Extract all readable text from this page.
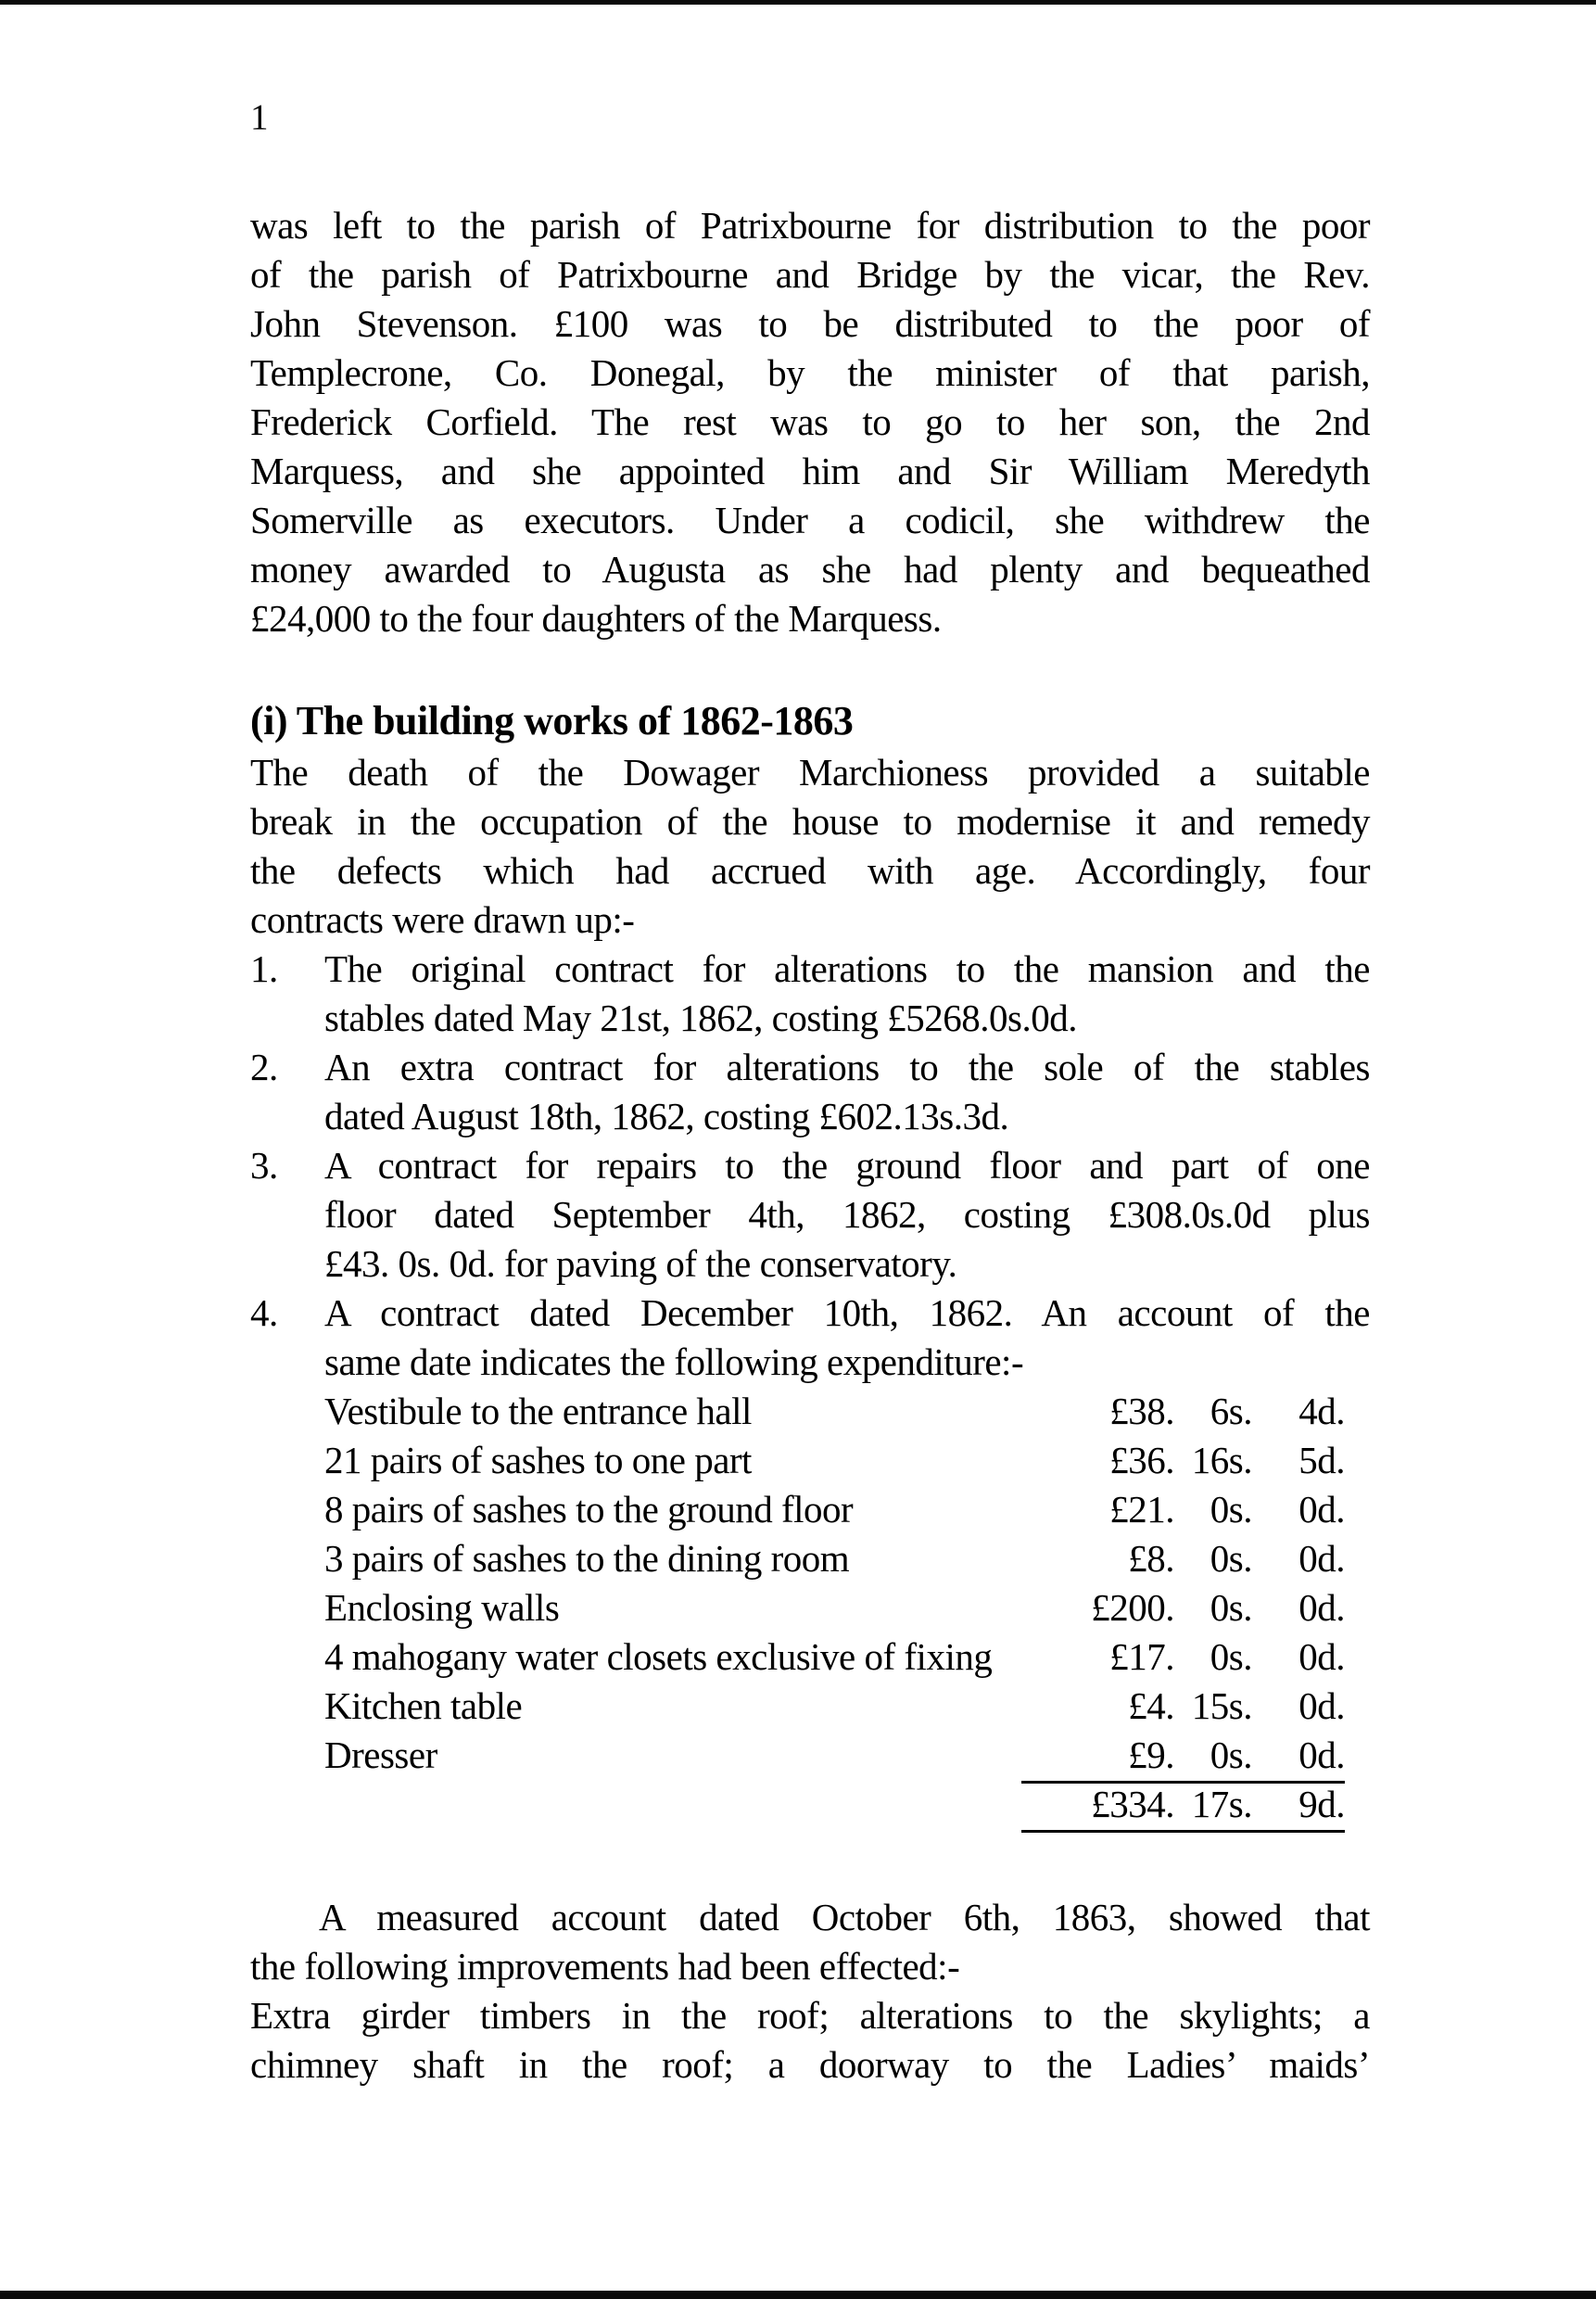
1
was left to the parish of Patrixbourne for distribution to the poor
of the parish of Patrixbourne and Bridge by the vicar, the Rev.
John Stevenson. £100 was to be distributed to the poor of
Templecrone, Co. Donegal, by the minister of that parish,
Frederick Corfield. The rest was to go to her son, the 2nd
Marquess, and she appointed him and Sir William Meredyth
Somerville as executors. Under a codicil, she withdrew the
money awarded to Augusta as she had plenty and bequeathed
£24,000 to the four daughters of the Marquess.
(i) The building works of 1862-1863
The death of the Dowager Marchioness provided a suitable
break in the occupation of the house to modernise it and remedy
the defects which had accrued with age. Accordingly, four
contracts were drawn up:-
1.	The original contract for alterations to the mansion and the
stables dated May 21st, 1862, costing £5268.0s.0d.
2.	An extra contract for alterations to the sole of the stables
dated August 18th, 1862, costing £602.13s.3d.
3.	A contract for repairs to the ground floor and part of one
floor dated September 4th, 1862, costing £308.0s.0d plus
£43. 0s. 0d. for paving of the conservatory.
4.	A contract dated December 10th, 1862. An account of the
same date indicates the following expenditure:-
Vestibule to the entrance hall	£38. 6s.	4d.
21 pairs of sashes to one part	£36. 16s.	5d.
8 pairs of sashes to the ground floor	£21. 0s.	0d.
3 pairs of sashes to the dining room	£8. 0s.	0d.
Enclosing walls	£200. 0s.	0d.
4 mahogany water closets exclusive of fixing	£17. 0s.	0d.
Kitchen table	£4. 15s.	0d.
Dresser	£9. 0s.	0d.
£334. 17s.	9d.
A measured account dated October 6th, 1863, showed that
the following improvements had been effected:-
Extra girder timbers in the roof; alterations to the skylights; a
chimney shaft in the roof; a doorway to the Ladies’ maids’
